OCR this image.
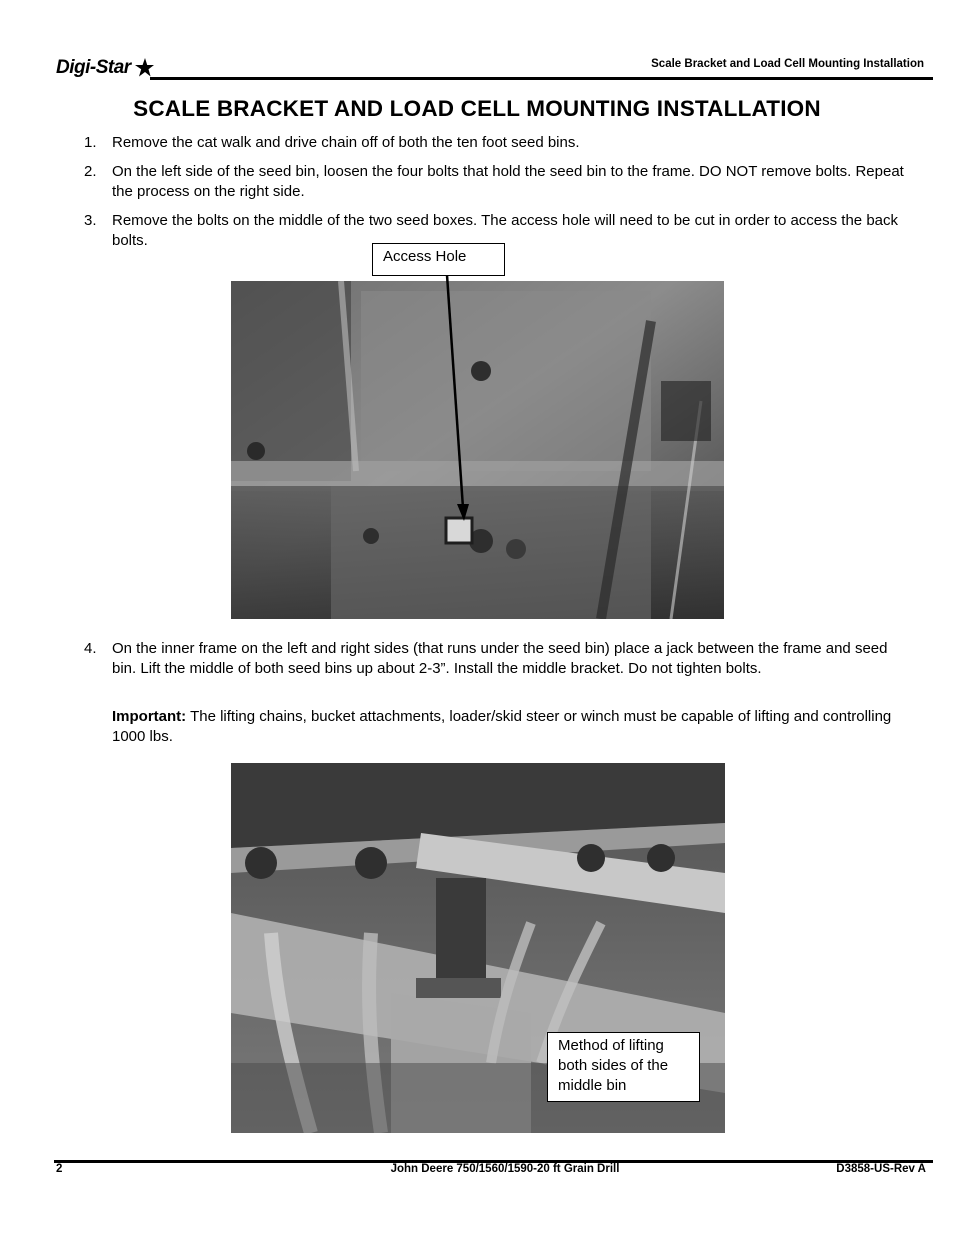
Digi-Star	Scale Bracket and Load Cell Mounting Installation
SCALE BRACKET AND LOAD CELL MOUNTING INSTALLATION
1.	Remove the cat walk and drive chain off of both the ten foot seed bins.
2.	On the left side of the seed bin, loosen the four bolts that hold the seed bin to the frame. DO NOT remove bolts. Repeat the process on the right side.
3.	Remove the bolts on the middle of the two seed boxes. The access hole will need to be cut in order to access the back bolts.
Access Hole
4.	On the inner frame on the left and right sides (that runs under the seed bin) place a jack between the frame and seed bin. Lift the middle of both seed bins up about 2-3”. Install the middle bracket. Do not tighten bolts.
Important: The lifting chains, bucket attachments, loader/skid steer or winch must be capable of lifting and controlling 1000 lbs.
Method of lifting both sides of the middle bin
2	John Deere 750/1560/1590-20 ft Grain Drill	D3858-US-Rev A
